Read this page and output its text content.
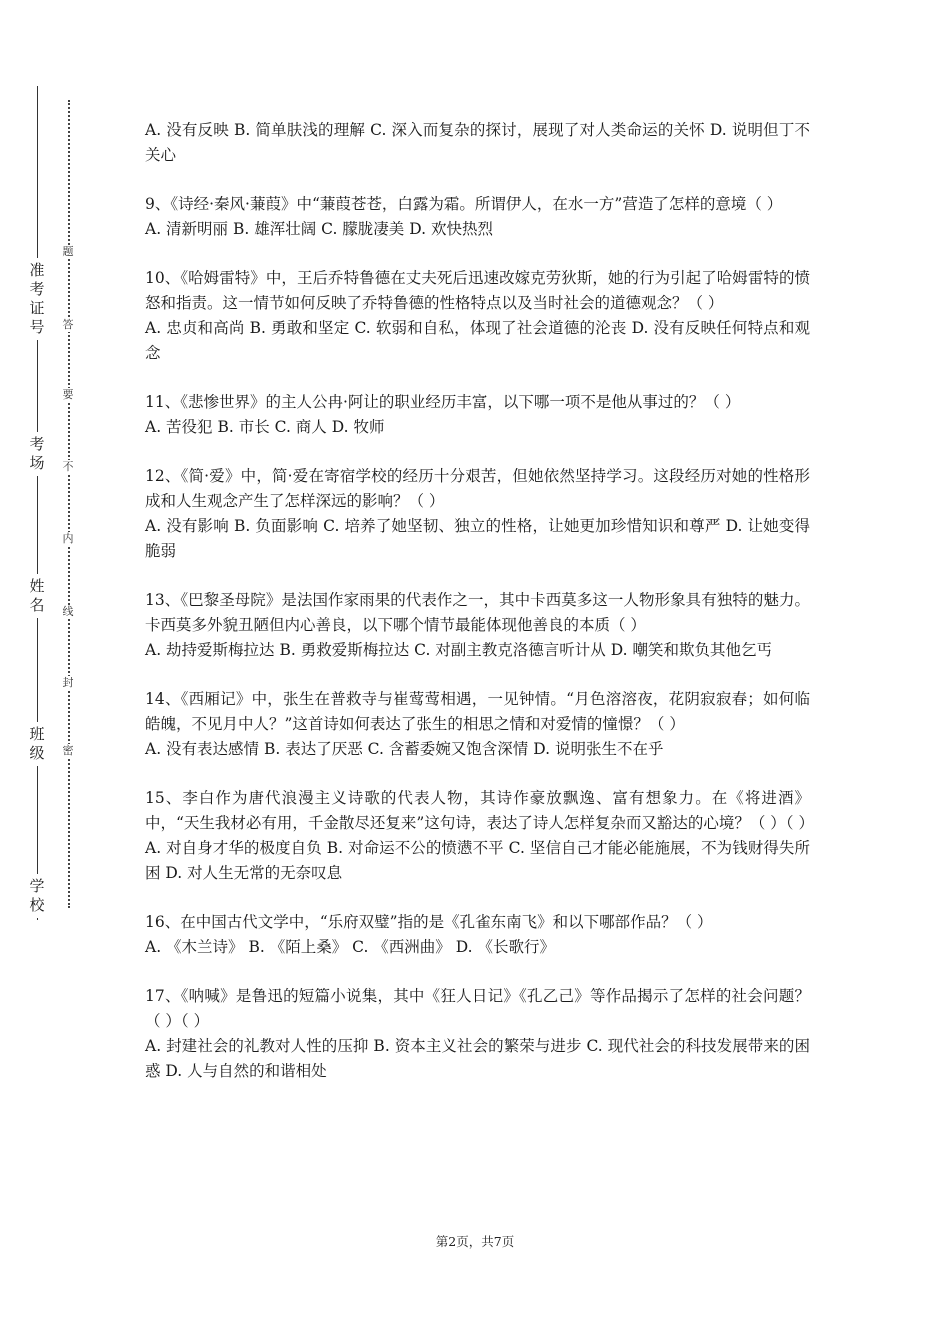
准
考
证
号
考
场
姓
名
班
级
学
校
题
答
要
不
内
线
封
密

A. 没有反映 B. 简单肤浅的理解 C. 深入而复杂的探讨，展现了对人类命运的关怀 D. 说明但丁不关心

9、《诗经·秦风·蒹葭》中“蒹葭苍苍，白露为霜。所谓伊人，在水一方”营造了怎样的意境（ ）

A. 清新明丽 B. 雄浑壮阔 C. 朦胧凄美 D. 欢快热烈

10、《哈姆雷特》中，王后乔特鲁德在丈夫死后迅速改嫁克劳狄斯，她的行为引起了哈姆雷特的愤怒和指责。这一情节如何反映了乔特鲁德的性格特点以及当时社会的道德观念？（ ）

A. 忠贞和高尚 B. 勇敢和坚定 C. 软弱和自私，体现了社会道德的沦丧 D. 没有反映任何特点和观念

11、《悲惨世界》的主人公冉·阿让的职业经历丰富，以下哪一项不是他从事过的？（ ）

A. 苦役犯 B. 市长 C. 商人 D. 牧师

12、《简·爱》中，简·爱在寄宿学校的经历十分艰苦，但她依然坚持学习。这段经历对她的性格形成和人生观念产生了怎样深远的影响？（ ）

A. 没有影响 B. 负面影响 C. 培养了她坚韧、独立的性格，让她更加珍惜知识和尊严 D. 让她变得脆弱

13、《巴黎圣母院》是法国作家雨果的代表作之一，其中卡西莫多这一人物形象具有独特的魅力。卡西莫多外貌丑陋但内心善良，以下哪个情节最能体现他善良的本质（ ）

A. 劫持爱斯梅拉达 B. 勇救爱斯梅拉达 C. 对副主教克洛德言听计从 D. 嘲笑和欺负其他乞丐

14、《西厢记》中，张生在普救寺与崔莺莺相遇，一见钟情。“月色溶溶夜，花阴寂寂春；如何临皓魄，不见月中人？”这首诗如何表达了张生的相思之情和对爱情的憧憬？（ ）

A. 没有表达感情 B. 表达了厌恶 C. 含蓄委婉又饱含深情 D. 说明张生不在乎

15、李白作为唐代浪漫主义诗歌的代表人物，其诗作豪放飘逸、富有想象力。在《将进酒》中，“天生我材必有用，千金散尽还复来”这句诗，表达了诗人怎样复杂而又豁达的心境？（ ）（ ）

A. 对自身才华的极度自负 B. 对命运不公的愤懑不平 C. 坚信自己才能必能施展，不为钱财得失所困 D. 对人生无常的无奈叹息

16、在中国古代文学中，“乐府双璧”指的是《孔雀东南飞》和以下哪部作品？（ ）

A. 《木兰诗》 B. 《陌上桑》 C. 《西洲曲》 D. 《长歌行》

17、《呐喊》是鲁迅的短篇小说集，其中《狂人日记》《孔乙己》等作品揭示了怎样的社会问题？（ ）（ ）

A. 封建社会的礼教对人性的压抑 B. 资本主义社会的繁荣与进步 C. 现代社会的科技发展带来的困惑 D. 人与自然的和谐相处

第2页，共7页
